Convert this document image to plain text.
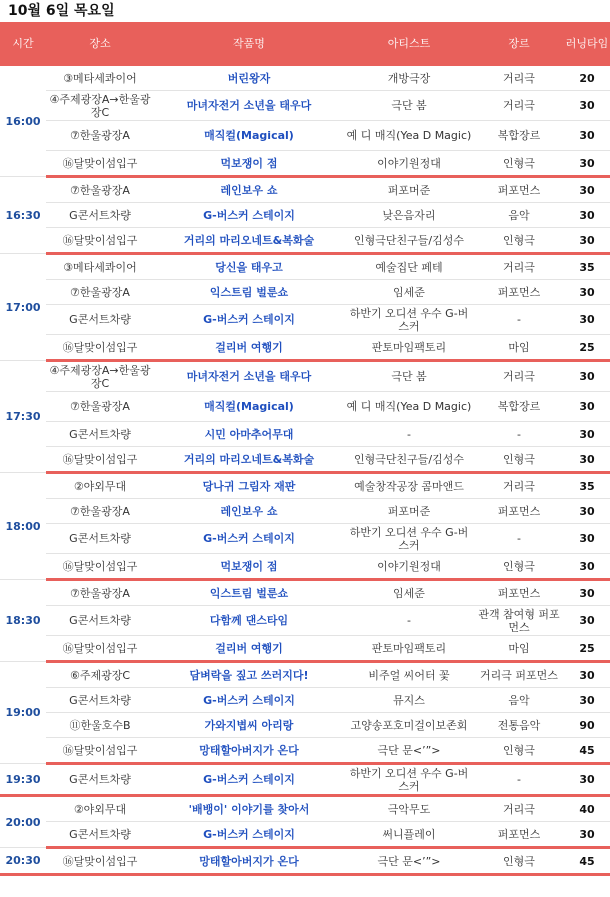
10월 6일 목요일
시간	장소	작품명	아티스트	장르	러닝타임
16:00	③메타세콰이어	버린왕자	개방극장	거리극	20
	④주제광장A→한울광장C	마녀자전거 소년을 태우다	극단 봄	거리극	30
	⑦한울광장A	매직컬(Magical)	예 디 매직(Yea D Magic)	복합장르	30
	⑯달맞이섬입구	먹보쟁이 점	이야기원정대	인형극	30
16:30	⑦한울광장A	레인보우 쇼	퍼포머준	퍼포먼스	30
	G콘서트차량	G-버스커 스테이지	낮은음자리	음악	30
	⑯달맞이섬입구	거리의 마리오네트&복화술	인형극단친구들/김성수	인형극	30
17:00	③메타세콰이어	당신을 태우고	예술집단 페테	거리극	35
	⑦한울광장A	익스트림 벌룬쇼	임세준	퍼포먼스	30
	G콘서트차량	G-버스커 스테이지	하반기 오디션 우수 G-버스커	-	30
	⑯달맞이섬입구	걸리버 여행기	판토마임팩토리	마임	25
17:30	④주제광장A→한울광장C	마녀자전거 소년을 태우다	극단 봄	거리극	30
	⑦한울광장A	매직컬(Magical)	예 디 매직(Yea D Magic)	복합장르	30
	G콘서트차량	시민 아마추어무대	-	-	30
	⑯달맞이섬입구	거리의 마리오네트&복화술	인형극단친구들/김성수	인형극	30
18:00	②야외무대	당나귀 그림자 재판	예술창작공장 콤마앤드	거리극	35
	⑦한울광장A	레인보우 쇼	퍼포머준	퍼포먼스	30
	G콘서트차량	G-버스커 스테이지	하반기 오디션 우수 G-버스커	-	30
	⑯달맞이섬입구	먹보쟁이 점	이야기원정대	인형극	30
18:30	⑦한울광장A	익스트림 벌룬쇼	임세준	퍼포먼스	30
	G콘서트차량	다함께 댄스타임	-	관객 참여형 퍼포먼스	30
	⑯달맞이섬입구	걸리버 여행기	판토마임팩토리	마임	25
19:00	⑥주제광장C	담벼락을 짚고 쓰러지다!	비주얼 씨어터 꽃	거리극 퍼포먼스	30
	G콘서트차량	G-버스커 스테이지	뮤지스	음악	30
	⑪한울호수B	가와지볍씨 아리랑	고양송포호미걸이보존회	전통음악	90
	⑯달맞이섬입구	망태할아버지가 온다	극단 문<’”>	인형극	45
19:30	G콘서트차량	G-버스커 스테이지	하반기 오디션 우수 G-버스커	-	30
20:00	②야외무대	'배뱅이' 이야기를 찾아서	극악무도	거리극	40
	G콘서트차량	G-버스커 스테이지	써니플레이	퍼포먼스	30
20:30	⑯달맞이섬입구	망태할아버지가 온다	극단 문<’”>	인형극	45
